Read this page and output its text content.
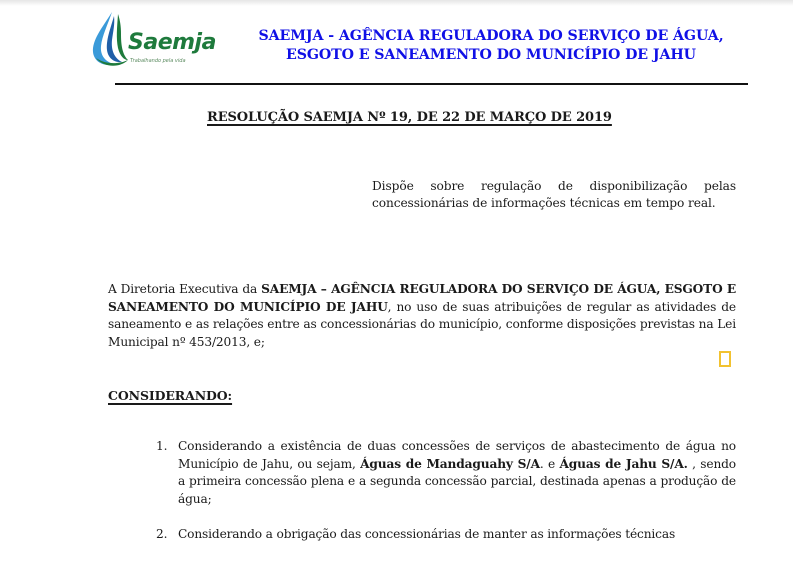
Saemja
Trabalhando pela vida
SAEMJA - AGÊNCIA REGULADORA DO SERVIÇO DE ÁGUA,
ESGOTO E SANEAMENTO DO MUNICÍPIO DE JAHU
RESOLUÇÃO SAEMJA Nº 19, DE 22 DE MARÇO DE 2019
Dispõe sobre regulação de disponibilização pelas concessionárias de informações técnicas em tempo real.
A Diretoria Executiva da SAEMJA – AGÊNCIA REGULADORA DO SERVIÇO DE ÁGUA, ESGOTO E SANEAMENTO DO MUNICÍPIO DE JAHU, no uso de suas atribuições de regular as atividades de saneamento e as relações entre as concessionárias do município, conforme disposições previstas na Lei Municipal nº 453/2013, e;
CONSIDERANDO:
1. Considerando a existência de duas concessões de serviços de abastecimento de água no Município de Jahu, ou sejam, Águas de Mandaguahy S/A. e Águas de Jahu S/A. , sendo a primeira concessão plena e a segunda concessão parcial, destinada apenas a produção de água;
2. Considerando a obrigação das concessionárias de manter as informações técnicas
